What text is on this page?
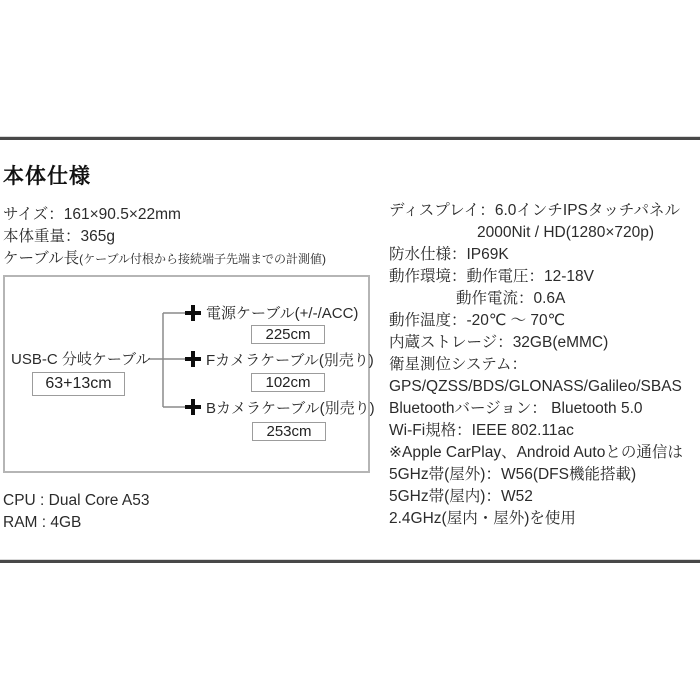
本体仕様
サイズ：161×90.5×22mm
本体重量：365g
ケーブル長(ケーブル付根から接続端子先端までの計測値)
USB-C 分岐ケーブル
63+13cm
電源ケーブル(+/-/ACC)
225cm
Fカメラケーブル(別売り)
102cm
Bカメラケーブル(別売り)
253cm
CPU : Dual Core A53
RAM : 4GB
ディスプレイ：6.0インチIPSタッチパネル
2000Nit / HD(1280×720p)
防水仕様：IP69K
動作環境：動作電圧：12-18V
動作電流：0.6A
動作温度：-20℃ ～ 70℃
内蔵ストレージ：32GB(eMMC)
衛星測位システム：
GPS/QZSS/BDS/GLONASS/Galileo/SBAS
Bluetoothバージョン： Bluetooth 5.0
Wi-Fi規格：IEEE 802.11ac
※Apple CarPlay、Android Autoとの通信は
5GHz帯(屋外)：W56(DFS機能搭載)
5GHz帯(屋内)：W52
2.4GHz(屋内・屋外)を使用
